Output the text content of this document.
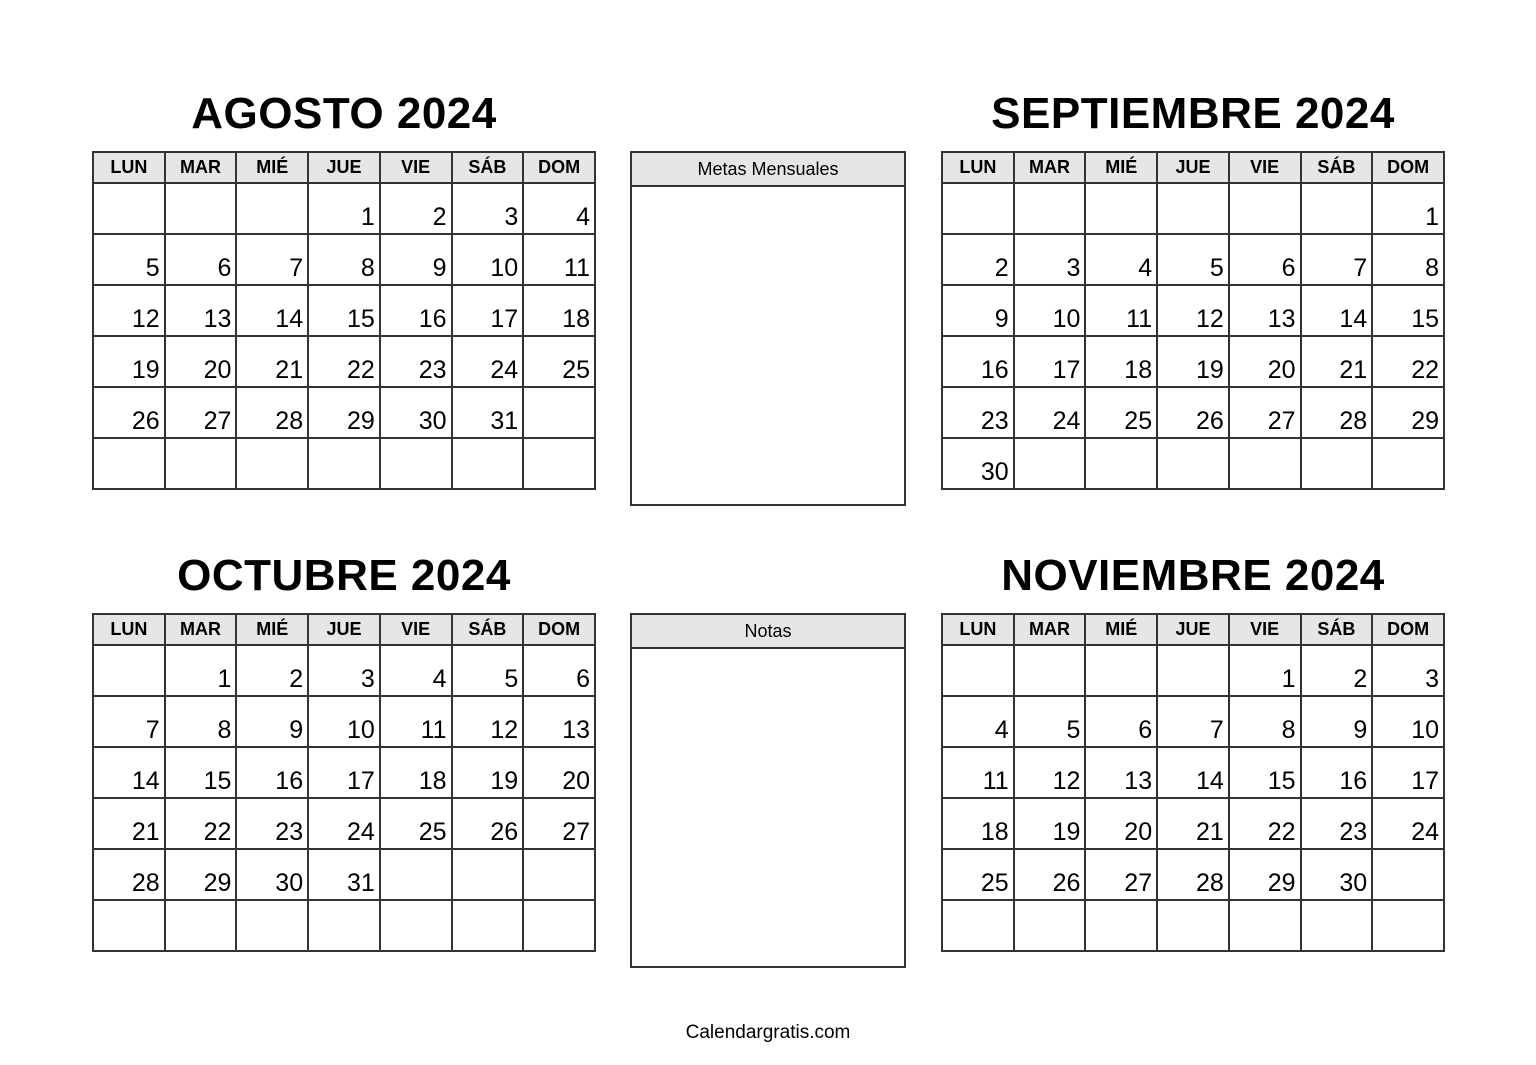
AGOSTO 2024
LUN	MAR	MIÉ	JUE	VIE	SÁB	DOM
			1	2	3	4
5	6	7	8	9	10	11
12	13	14	15	16	17	18
19	20	21	22	23	24	25
26	27	28	29	30	31	

Metas Mensuales
SEPTIEMBRE 2024
LUN	MAR	MIÉ	JUE	VIE	SÁB	DOM
						1
2	3	4	5	6	7	8
9	10	11	12	13	14	15
16	17	18	19	20	21	22
23	24	25	26	27	28	29
30						
OCTUBRE 2024
LUN	MAR	MIÉ	JUE	VIE	SÁB	DOM
	1	2	3	4	5	6
7	8	9	10	11	12	13
14	15	16	17	18	19	20
21	22	23	24	25	26	27
28	29	30	31			

Notas
NOVIEMBRE 2024
LUN	MAR	MIÉ	JUE	VIE	SÁB	DOM
				1	2	3
4	5	6	7	8	9	10
11	12	13	14	15	16	17
18	19	20	21	22	23	24
25	26	27	28	29	30	

Calendargratis.com
